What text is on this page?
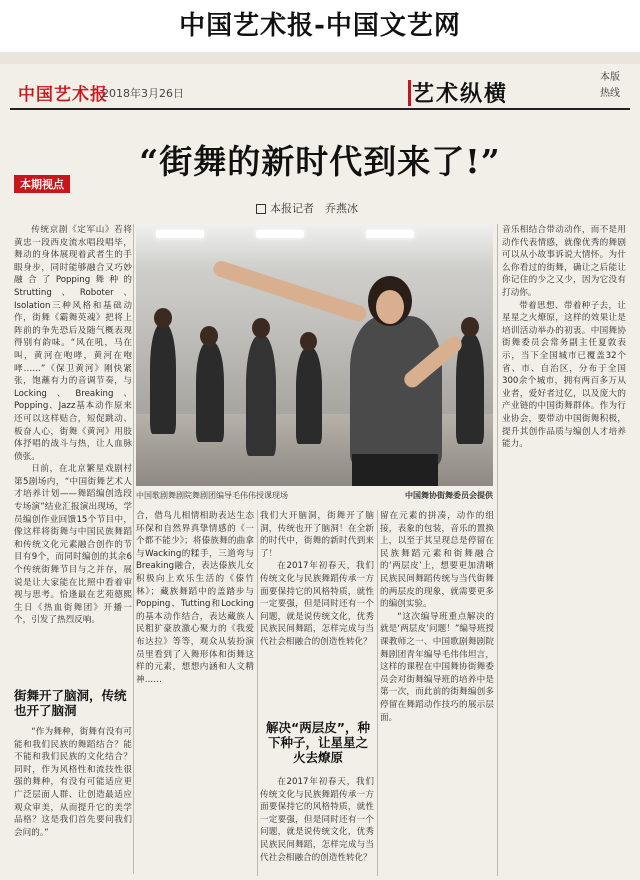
中国艺术报-中国文艺网
中国艺术报
2018年3月26日	艺术纵横
本版
热线
“街舞的新时代到来了!”
本期视点
本报记者　乔燕冰

传统京剧《定军山》若将黄忠一段西皮流水唱段唱毕，舞动的身体展现着武者生的手眼身步，同时能够融合又巧妙融合了Popping舞种的Strutting、Roboter、Isolation三种风格和基础动作，街舞《霸舞英魂》把将上阵前的争先恐后及随气概表现得别有韵味。“风在吼，马在叫，黄河在咆哮，黄河在咆哮……”《保卫黄河》刚快紧张，饱蘸有力的音调节奏，与Locking、Breaking、Popping、Jazz基本动作原来还可以这样贴合，短促跳动、板奋人心，街舞《黄河》用肢体抒唱的战斗与热，让人血脉偾张。

日前，在北京繁星戏剧村第5剧场内，“中国街舞艺术人才培养计划——舞蹈编创选段专场演”结业汇报演出现场，学员编创作业回馈15个节目中，像这样将街舞与中国民族舞蹈和传统文化元素融合创作的节目有9个，而同时编创的其余6个传统街舞节目与之并存，展说是让大家能在比照中看着审视与思考。恰逢最在艺苑德熙生日《热血街舞团》开播一个，引发了热烈反响。

街舞开了脑洞，传统也开了脑洞

“作为舞种，街舞有没有可能和我们民族的舞蹈结合？能不能和我们民族的文化结合？同时，作为风格性和流技性很强的舞种，有没有可能适应更广泛层面人群、让创造最适应观众审美，从而提升它的美学品格？这是我们首先要问我们会问的。”

中国歌剧舞剧院舞剧团编导毛伟伟授课现场	中国舞协街舞委员会提供

合，借鸟儿相情相助表达生态环保和自然界真挚情感的《一个都不能少》；将傣族舞的曲拿与Wacking的糅手，三道弯与Breaking融合，表达傣族儿女积极向上欢乐生活的《傣竹林》；藏族舞蹈中的盖踏步与Popping、Tutting和Locking的基本动作结合，表达藏族人民粗犷豪放激心聚力的《我爱布达拉》等等，观众从装扮演员里看到了入舞形体和街舞这样的元素，想想内涵和人文精神……

我们大开脑洞，街舞开了脑洞，传统也开了脑洞！在全新的时代中，街舞的新时代到来了！

在2017年初春天，我们传统文化与民族舞蹈传承一方面要保持它的风格特质，就性一定要强，但是同时还有一个问题，就是说传统文化，优秀民族民间舞蹈，怎样完成与当代社会相融合的创造性转化？

解决“两层皮”，种下种子，让星星之火去燎原

在2017年初春天，我们传统文化与民族舞蹈传承一方面要保持它的风格特质，就性一定要强，但是同时还有一个问题，就是说传统文化，优秀民族民间舞蹈，怎样完成与当代社会相融合的创造性转化？

留在元素的拼凑，动作的组接，表象的包装，音乐的置换上，以至于其呈现总是停留在民族舞蹈元素和街舞融合的‘两层皮’上，想要更加清晰民族民间舞蹈传统与当代街舞的两层皮的现象，就需要更多的编创实验。

“这次编导班重点解决的就是‘两层皮’问题！”编导班授课教师之一、中国歌剧舞剧院舞剧团青年编导毛伟伟坦言，这样的课程在中国舞协街舞委员会对街舞编导班的培养中是第一次，而此前的街舞编创多停留在舞蹈动作技巧的展示层面。

音乐相结合带动动作，而不是用动作代表情感，就像优秀的舞剧可以从小故事诉说大情怀。为什么你看过的街舞，确让之后能让你记住的少之又少，因为它没有打动你。

带着思想、带着种子去，让星星之火燎原，这样的效果让是培训活动举办的初衷。中国舞协街舞委员会常务副主任夏敦表示，当下全国城市已覆盖32个省、市、自治区，分布于全国300余个城市，拥有两百多万从业者，爱好者过亿，以及庞大的产业链的中国街舞群体。作为行业协会，要带动中国街舞积极，提升其创作品质与编创人才培养能力。
